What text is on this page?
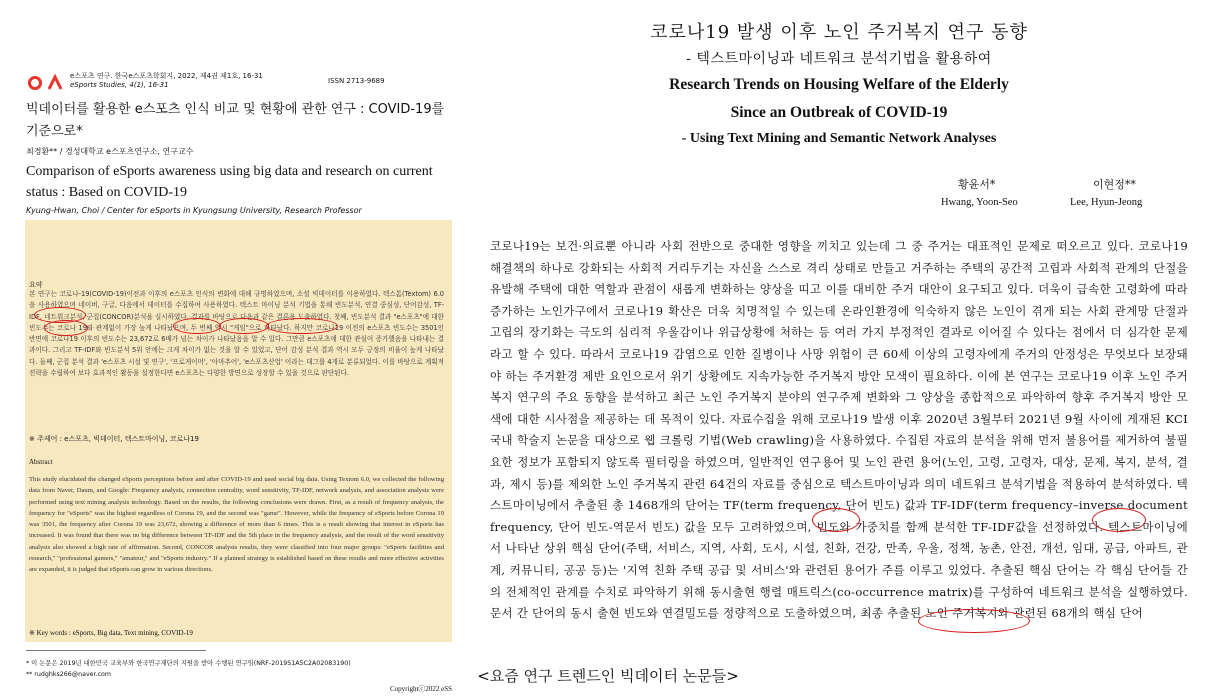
e스포츠 연구. 한국e스포츠학회지, 2022, 제4권 제1호, 16-31
eSports Studies, 4(1), 16-31	ISSN 2713-9689
빅데이터를 활용한 e스포츠 인식 비교 및 현황에 관한 연구 : COVID-19를 기준으로*
최경환** / 경성대학교 e스포츠연구소, 연구교수
Comparison of eSports awareness using big data and research on current status : Based on COVID-19
Kyung-Hwan, Choi / Center for eSports in Kyungsung University, Research Professor
요약
본 연구는 코로나-19(COVID-19)이전과 이후의 e스포츠 인식의 변화에 대해 규명하였으며, 소셜 빅데이터를 이용하였다. 텍스톰(Textom) 6.0을 사용하였으며 네이버, 구글, 다음에서 데이터를 수집하여 사용하였다. 텍스트 마이닝 분석 기법을 통해 빈도분석, 연결 중심성, 단어감성, TF-IDF, 네트워크분석, 군집(CONCOR)분석을 실시하였다. 결과를 바탕으로 다음과 같은 결론을 도출하였다. 첫째, 빈도분석 결과 "e스포츠"에 대한 빈도수는 코로나 19와 관계없이 가장 높게 나타났으며, 두 번째 역시 "게임"으로 나타났다. 하지만 코로나19 이전의 e스포츠 빈도수는 3501인 반면에 코로나19 이후의 빈도수는 23,672로 6배가 넘는 차이가 나타났음을 알 수 있다. 그만큼 e스포츠에 대한 관심이 증가했음을 나타내는 결과이다. 그리고 TF-IDF와 빈도분석 5위 안에는 크게 차이가 없는 것을 알 수 있었고, 단어 감성 분석 결과 역시 모두 긍정의 비율이 높게 나타났다. 둘째, 군집 분석 결과 'e스포츠 시설 및 연구', '프로게이머', '아마추어', 'e스포츠산업' 이라는 대그룹 4개로 분류되었다. 이를 바탕으로 계획적 전략을 수립하여 보다 효과적인 활동을 설정한다면 e스포츠는 다양한 방면으로 성장할 수 있을 것으로 판단된다.
※ 주제어 : e스포츠, 빅데이터, 텍스트마이닝, 코로나19
Abstract
This study elucidated the changed eSports perceptions before and after COVID-19 and used social big data. Using Textom 6.0, we collected the following data from Naver, Daum, and Google: Frequency analysis, connection centrality, word sensitivity, TF-IDF, network analysis, and association analysis were performed using text mining analysis technology. Based on the results, the following conclusions were drawn. First, as a result of frequency analysis, the frequency for "eSports" was the highest regardless of Corona 19, and the second was "game". However, while the frequency of eSports before Corona 19 was 3501, the frequency after Corona 19 was 23,672, showing a difference of more than 6 times. This is a result showing that interest in eSports has increased. It was found that there was no big difference between TF-IDF and the 5th place in the frequency analysis, and the result of the word sensitivity analysis also showed a high rate of affirmation. Second, CONCOR analysis results, they were classified into four major groups: "eSports facilities and research," "professional gamers," "amateur," and "eSports industry." If a planned strategy is established based on these results and more effective activities are expanded, it is judged that eSports can grow in various directions.
※ Key words : eSports, Big data, Text mining, COVID-19
* 이 논문은 2019년 대한민국 교육부와 한국연구재단의 지원을 받아 수행된 연구임(NRF-2019S1A5C2A02083190)
** rudghks266@naver.com
Copyrightⓒ2022 eSS
코로나19 발생 이후 노인 주거복지 연구 동향
- 텍스트마이닝과 네트워크 분석기법을 활용하여
Research Trends on Housing Welfare of the Elderly
Since an Outbreak of COVID-19
- Using Text Mining and Semantic Network Analyses
황윤서*	이현정**
Hwang, Yoon-Seo	Lee, Hyun-Jeong
코로나19는 보건·의료뿐 아니라 사회 전반으로 중대한 영향을 끼치고 있는데 그 중 주거는 대표적인 문제로 떠오르고 있다. 코로나19 해결책의 하나로 강화되는 사회적 거리두기는 자신을 스스로 격리 상태로 만들고 거주하는 주택의 공간적 고립과 사회적 관계의 단절을 유발해 주택에 대한 역할과 관점이 새롭게 변화하는 양상을 띠고 이를 대비한 주거 대안이 요구되고 있다. 더욱이 급속한 고령화에 따라 증가하는 노인가구에서 코로나19 확산은 더욱 치명적일 수 있는데 온라인환경에 익숙하지 않은 노인이 겪게 되는 사회 관계망 단절과 고립의 장기화는 극도의 심리적 우울감이나 위급상황에 처하는 등 여러 가지 부정적인 결과로 이어질 수 있다는 점에서 더 심각한 문제라고 할 수 있다. 따라서 코로나19 감염으로 인한 질병이나 사망 위험이 큰 60세 이상의 고령자에게 주거의 안정성은 무엇보다 보장돼야 하는 주거환경 제반 요인으로서 위기 상황에도 지속가능한 주거복지 방안 모색이 필요하다. 이에 본 연구는 코로나19 이후 노인 주거복지 연구의 주요 동향을 분석하고 최근 노인 주거복지 분야의 연구주제 변화와 그 양상을 종합적으로 파악하여 향후 주거복지 방안 모색에 대한 시사점을 제공하는 데 목적이 있다. 자료수집을 위해 코로나19 발생 이후 2020년 3월부터 2021년 9월 사이에 게재된 KCI 국내 학술지 논문을 대상으로 웹 크롤링 기법(Web crawling)을 사용하였다. 수집된 자료의 분석을 위해 먼저 불용어를 제거하여 불필요한 정보가 포함되지 않도록 필터링을 하였으며, 일반적인 연구용어 및 노인 관련 용어(노인, 고령, 고령자, 대상, 문제, 복지, 분석, 결과, 제시 등)를 제외한 노인 주거복지 관련 64건의 자료를 중심으로 텍스트마이닝과 의미 네트워크 분석기법을 적용하여 분석하였다. 텍스트마이닝에서 추출된 총 1468개의 단어는 TF(term frequency, 단어 빈도) 값과 TF-IDF(term frequency–inverse document frequency, 단어 빈도-역문서 빈도) 값을 모두 고려하였으며, 빈도와 가중치를 함께 분석한 TF-IDF값을 선정하였다. 텍스트마이닝에서 나타난 상위 핵심 단어(주택, 서비스, 지역, 사회, 도시, 시설, 친화, 건강, 만족, 우울, 정책, 농촌, 안전, 개선, 임대, 공급, 아파트, 관계, 커뮤니티, 공공 등)는 '지역 친화 주택 공급 및 서비스'와 관련된 용어가 주를 이루고 있었다. 추출된 핵심 단어는 각 핵심 단어들 간의 전체적인 관계를 수치로 파악하기 위해 동시출현 행렬 매트릭스(co-occurrence matrix)를 구성하여 네트워크 분석을 실행하였다. 문서 간 단어의 동시 출현 빈도와 연결밀도를 정량적으로 도출하였으며, 최종 추출된 노인 주거복지와 관련된 68개의 핵심 단어
<요즘 연구 트렌드인 빅데이터 논문들>
